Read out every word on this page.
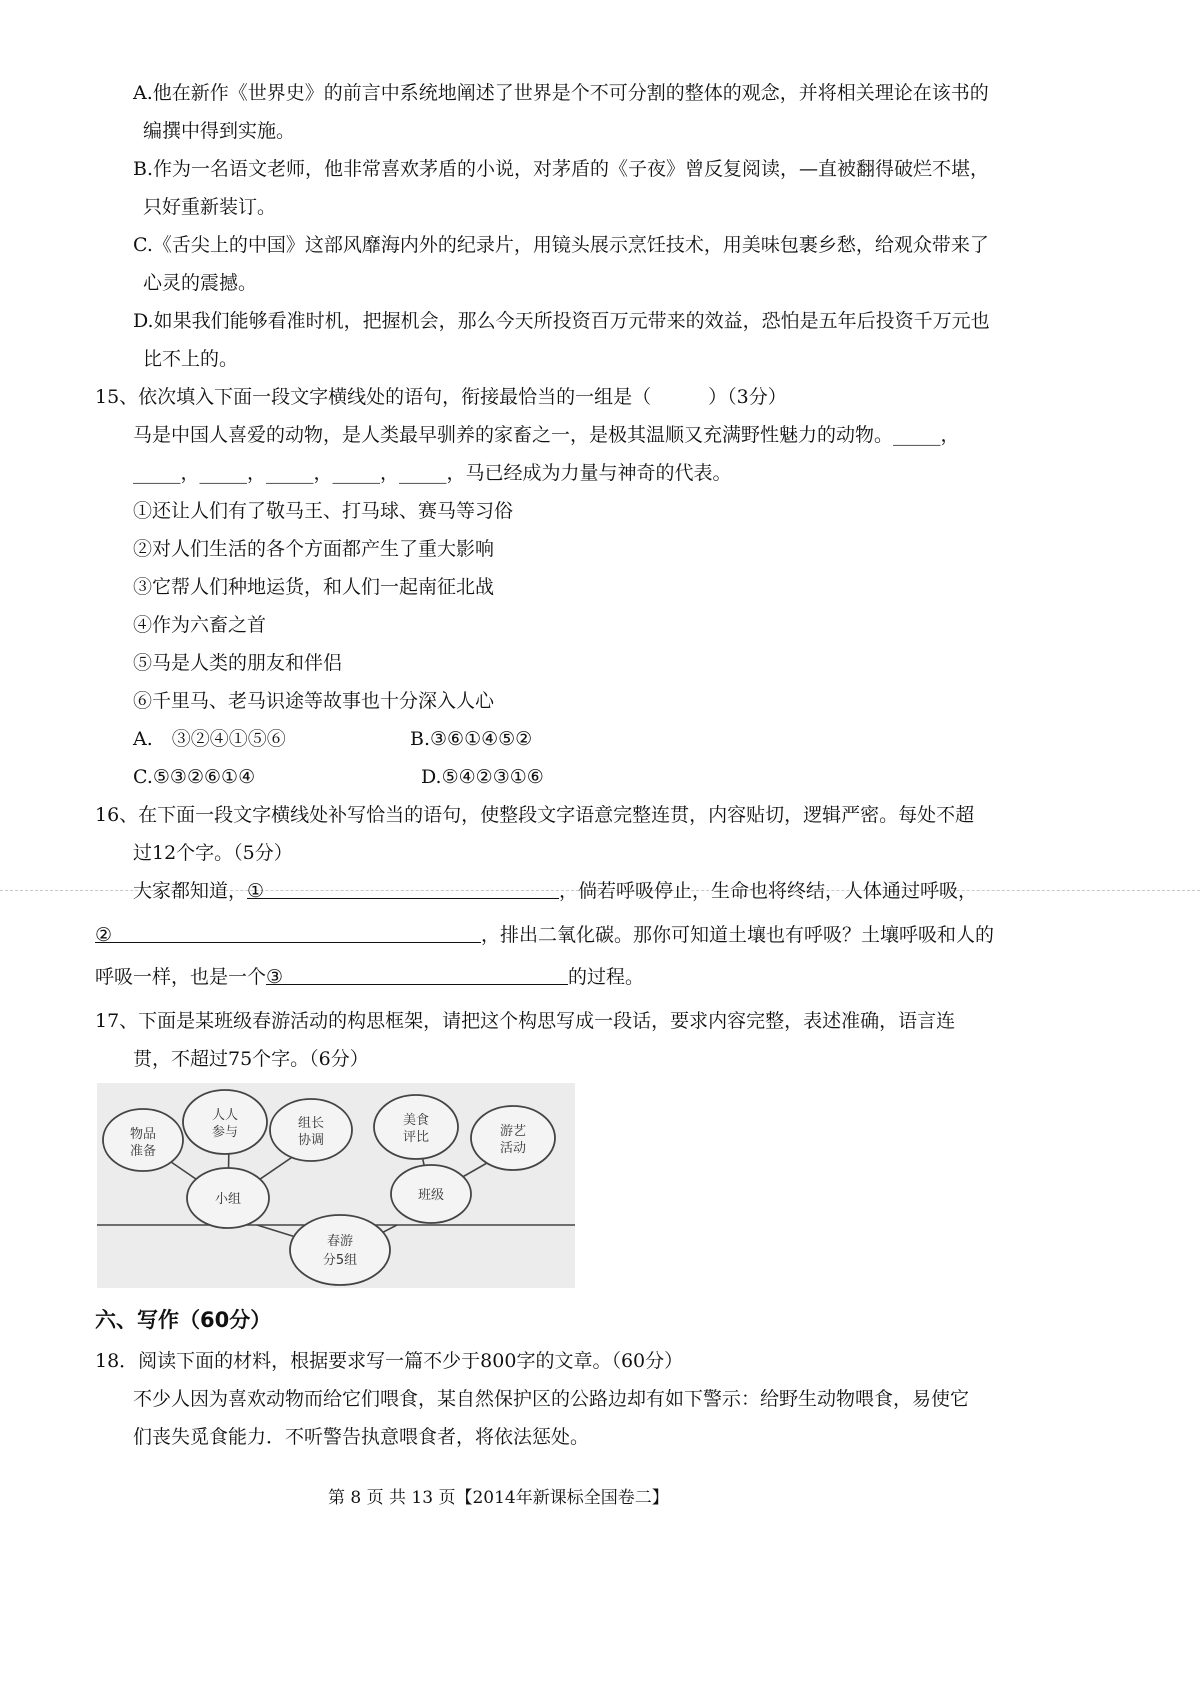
A.他在新作《世界史》的前言中系统地阐述了世界是个不可分割的整体的观念，并将相关理论在该书的
编撰中得到实施。
B.作为一名语文老师，他非常喜欢茅盾的小说，对茅盾的《子夜》曾反复阅读，—直被翻得破烂不堪，
只好重新装订。
C.《舌尖上的中国》这部风靡海内外的纪录片，用镜头展示烹饪技术，用美味包裹乡愁，给观众带来了
心灵的震撼。
D.如果我们能够看准时机，把握机会，那么今天所投资百万元带来的效益，恐怕是五年后投资千万元也
比不上的。
15、依次填入下面一段文字横线处的语句，衔接最恰当的一组是（　　　）（3分）
马是中国人喜爱的动物，是人类最早驯养的家畜之一，是极其温顺又充满野性魅力的动物。_____，
_____，_____，_____，_____，_____，马已经成为力量与神奇的代表。
①还让人们有了敬马王、打马球、赛马等习俗
②对人们生活的各个方面都产生了重大影响
③它帮人们种地运货，和人们一起南征北战
④作为六畜之首
⑤马是人类的朋友和伴侣
⑥千里马、老马识途等故事也十分深入人心
A.　③②④①⑤⑥	B.③⑥①④⑤②
C.⑤③②⑥①④	D.⑤④②③①⑥
16、在下面一段文字横线处补写恰当的语句，使整段文字语意完整连贯，内容贴切，逻辑严密。每处不超
过12个字。（5分）
大家都知道，①	，倘若呼吸停止，生命也将终结，人体通过呼吸，
②	，排出二氧化碳。那你可知道土壤也有呼吸？土壤呼吸和人的
呼吸一样，也是一个③	的过程。
17、下面是某班级春游活动的构思框架，请把这个构思写成一段话，要求内容完整，表述准确，语言连
贯，不超过75个字。（6分）
物品
准备
人人
参与
组长
协调
小组
美食
评比	游艺
活动
班级
春游
分5组
六、写作（60分）
18．阅读下面的材料，根据要求写一篇不少于800字的文章。（60分）
不少人因为喜欢动物而给它们喂食，某自然保护区的公路边却有如下警示：给野生动物喂食，易使它
们丧失觅食能力．不听警告执意喂食者，将依法惩处。
第 8 页 共 13 页【2014年新课标全国卷二】
